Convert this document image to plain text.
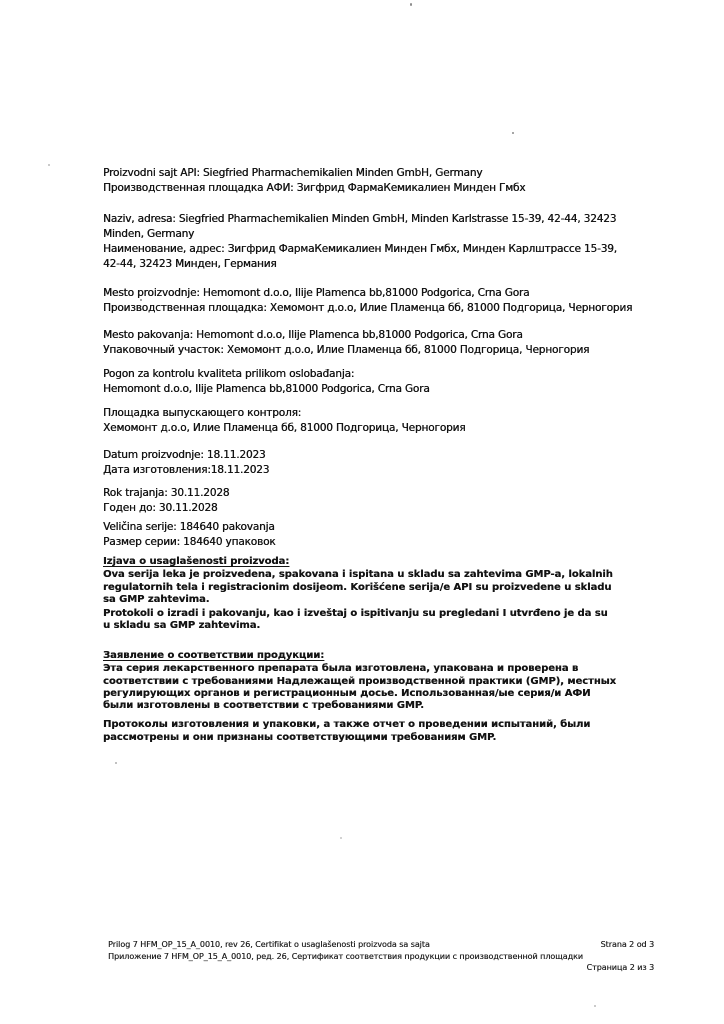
Proizvodni sajt API: Siegfried Pharmachemikalien Minden GmbH, Germany
Производственная площадка АФИ: Зигфрид ФармаКемикалиен Минден Гмбх
Naziv, adresa: Siegfried Pharmachemikalien Minden GmbH, Minden Karlstrasse 15-39, 42-44, 32423
Minden, Germany
Наименование, адрес: Зигфрид ФармаКемикалиен Минден Гмбх, Минден Карлштрассе 15-39,
42-44, 32423 Минден, Германия
Mesto proizvodnje: Hemomont d.o.o, Ilije Plamenca bb,81000 Podgorica, Crna Gora
Производственная площадка: Хемомонт д.о.о, Илие Пламенца бб, 81000 Подгорица, Черногория
Mesto pakovanja: Hemomont d.o.o, Ilije Plamenca bb,81000 Podgorica, Crna Gora
Упаковочный участок: Хемомонт д.о.о, Илие Пламенца бб, 81000 Подгорица, Черногория
Pogon za kontrolu kvaliteta prilikom oslobađanja:
Hemomont d.o.o, Ilije Plamenca bb,81000 Podgorica, Crna Gora
Площадка выпускающего контроля:
Хемомонт д.о.о, Илие Пламенца бб, 81000 Подгорица, Черногория
Datum proizvodnje: 18.11.2023
Дата изготовления:18.11.2023
Rok trajanja: 30.11.2028
Годен до: 30.11.2028
Veličina serije: 184640 pakovanja
Размер серии: 184640 упаковок
Izjava o usaglašenosti proizvoda:
Ova serija leka je proizvedena, spakovana i ispitana u skladu sa zahtevima GMP-a, lokalnih
regulatornih tela i registracionim dosijeom. Korišćene serija/e API su proizvedene u skladu
sa GMP zahtevima.
Protokoli o izradi i pakovanju, kao i izveštaj o ispitivanju su pregledani I utvrđeno je da su
u skladu sa GMP zahtevima.
Заявление о соответствии продукции:
Эта серия лекарственного препарата была изготовлена, упакована и проверена в
соответствии с требованиями Надлежащей производственной практики (GMP), местных
регулирующих органов и регистрационным досье. Использованная/ые серия/и АФИ
были изготовлены в соответствии с требованиями GMP.
Протоколы изготовления и упаковки, а также отчет о проведении испытаний, были
рассмотрены и они признаны соответствующими требованиям GMP.
Prilog 7 HFM_OP_15_A_0010, rev 26, Certifikat o usaglašenosti proizvoda sa sajta	Strana 2 od 3
Приложение 7 HFM_OP_15_A_0010, ред. 26, Сертификат соответствия продукции с производственной площадки
Страница 2 из 3
